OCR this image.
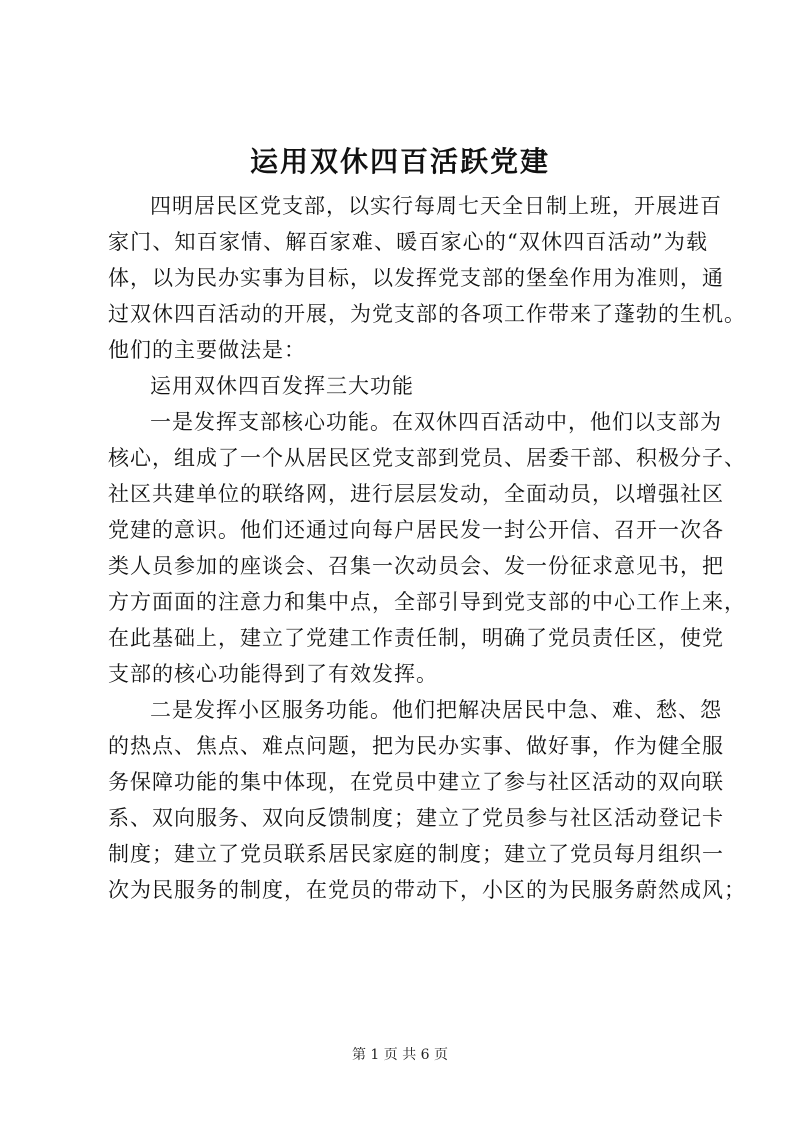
运用双休四百活跃党建
四明居民区党支部，以实行每周七天全日制上班，开展进百
家门、知百家情、解百家难、暖百家心的“双休四百活动”为载
体，以为民办实事为目标，以发挥党支部的堡垒作用为准则，通
过双休四百活动的开展，为党支部的各项工作带来了蓬勃的生机。
他们的主要做法是：
运用双休四百发挥三大功能
一是发挥支部核心功能。在双休四百活动中，他们以支部为
核心，组成了一个从居民区党支部到党员、居委干部、积极分子、
社区共建单位的联络网，进行层层发动，全面动员，以增强社区
党建的意识。他们还通过向每户居民发一封公开信、召开一次各
类人员参加的座谈会、召集一次动员会、发一份征求意见书，把
方方面面的注意力和集中点，全部引导到党支部的中心工作上来，
在此基础上，建立了党建工作责任制，明确了党员责任区，使党
支部的核心功能得到了有效发挥。
二是发挥小区服务功能。他们把解决居民中急、难、愁、怨
的热点、焦点、难点问题，把为民办实事、做好事，作为健全服
务保障功能的集中体现，在党员中建立了参与社区活动的双向联
系、双向服务、双向反馈制度；建立了党员参与社区活动登记卡
制度；建立了党员联系居民家庭的制度；建立了党员每月组织一
次为民服务的制度，在党员的带动下，小区的为民服务蔚然成风；
第 1 页 共 6 页
